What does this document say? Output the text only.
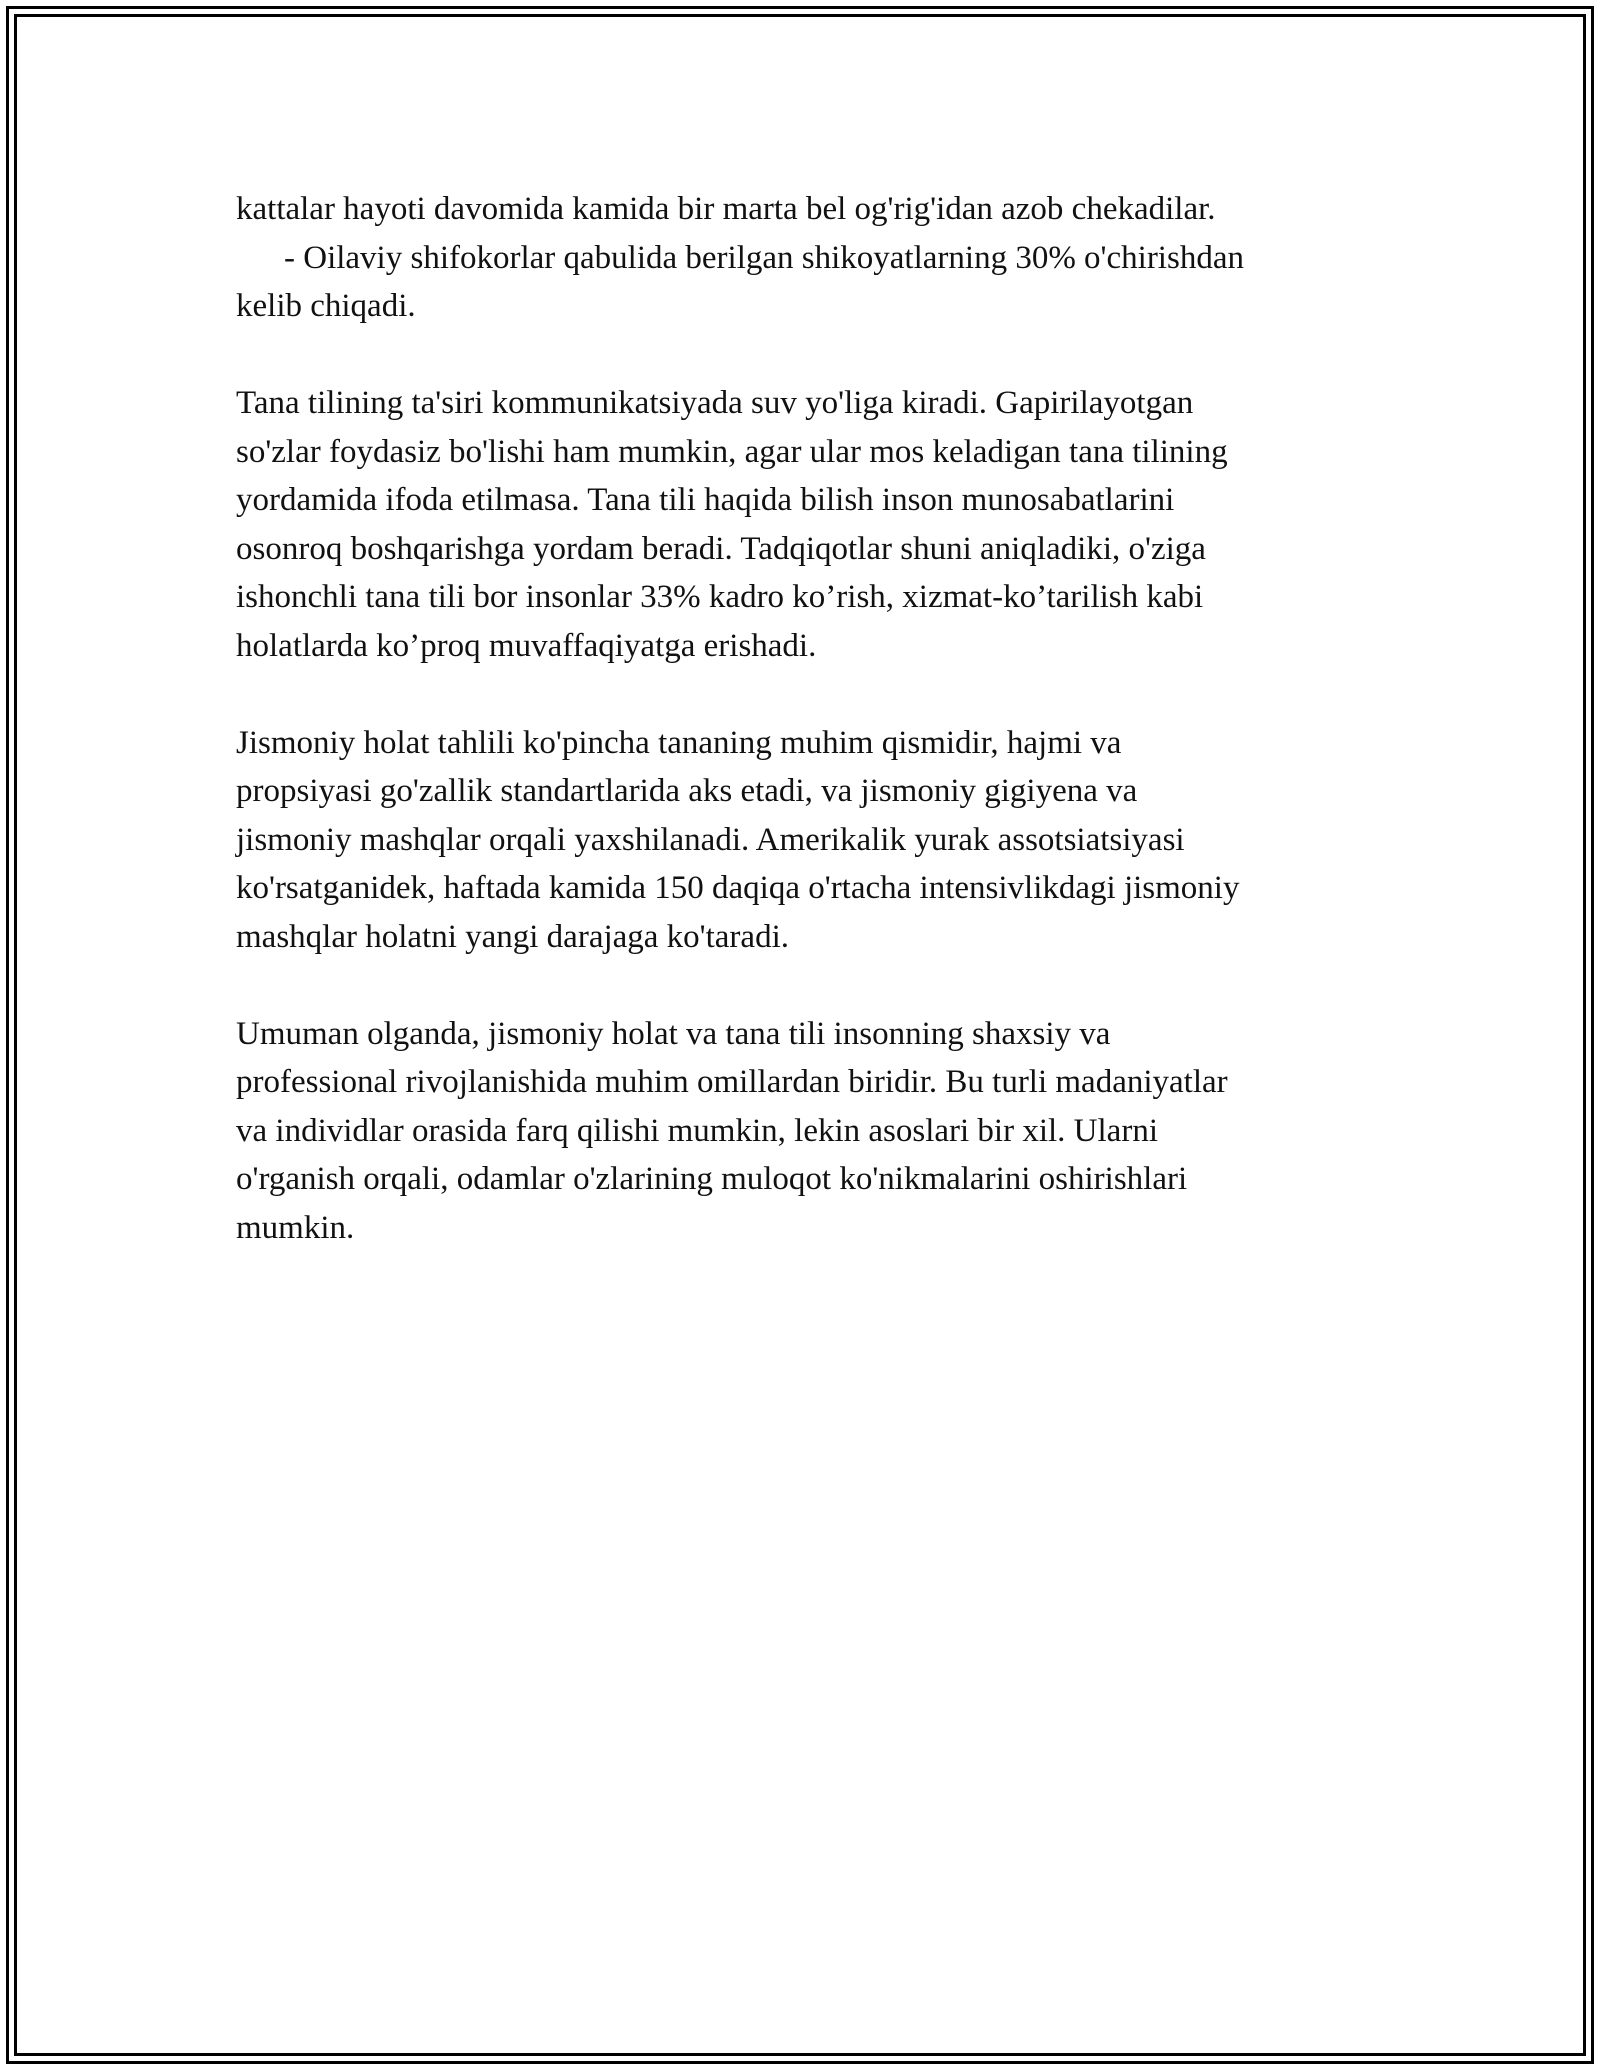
kattalar hayoti davomida kamida bir marta bel og'rig'idan azob chekadilar.
- Oilaviy shifokorlar qabulida berilgan shikoyatlarning 30% o'chirishdan
kelib chiqadi.

Tana tilining ta'siri kommunikatsiyada suv yo'liga kiradi. Gapirilayotgan
so'zlar foydasiz bo'lishi ham mumkin, agar ular mos keladigan tana tilining
yordamida ifoda etilmasa. Tana tili haqida bilish inson munosabatlarini
osonroq boshqarishga yordam beradi. Tadqiqotlar shuni aniqladiki, o'ziga
ishonchli tana tili bor insonlar 33% kadro ko’rish, xizmat-ko’tarilish kabi
holatlarda ko’proq muvaffaqiyatga erishadi.

Jismoniy holat tahlili ko'pincha tananing muhim qismidir, hajmi va
propsiyasi go'zallik standartlarida aks etadi, va jismoniy gigiyena va
jismoniy mashqlar orqali yaxshilanadi. Amerikalik yurak assotsiatsiyasi
ko'rsatganidek, haftada kamida 150 daqiqa o'rtacha intensivlikdagi jismoniy
mashqlar holatni yangi darajaga ko'taradi.

Umuman olganda, jismoniy holat va tana tili insonning shaxsiy va
professional rivojlanishida muhim omillardan biridir. Bu turli madaniyatlar
va individlar orasida farq qilishi mumkin, lekin asoslari bir xil. Ularni
o'rganish orqali, odamlar o'zlarining muloqot ko'nikmalarini oshirishlari
mumkin.
